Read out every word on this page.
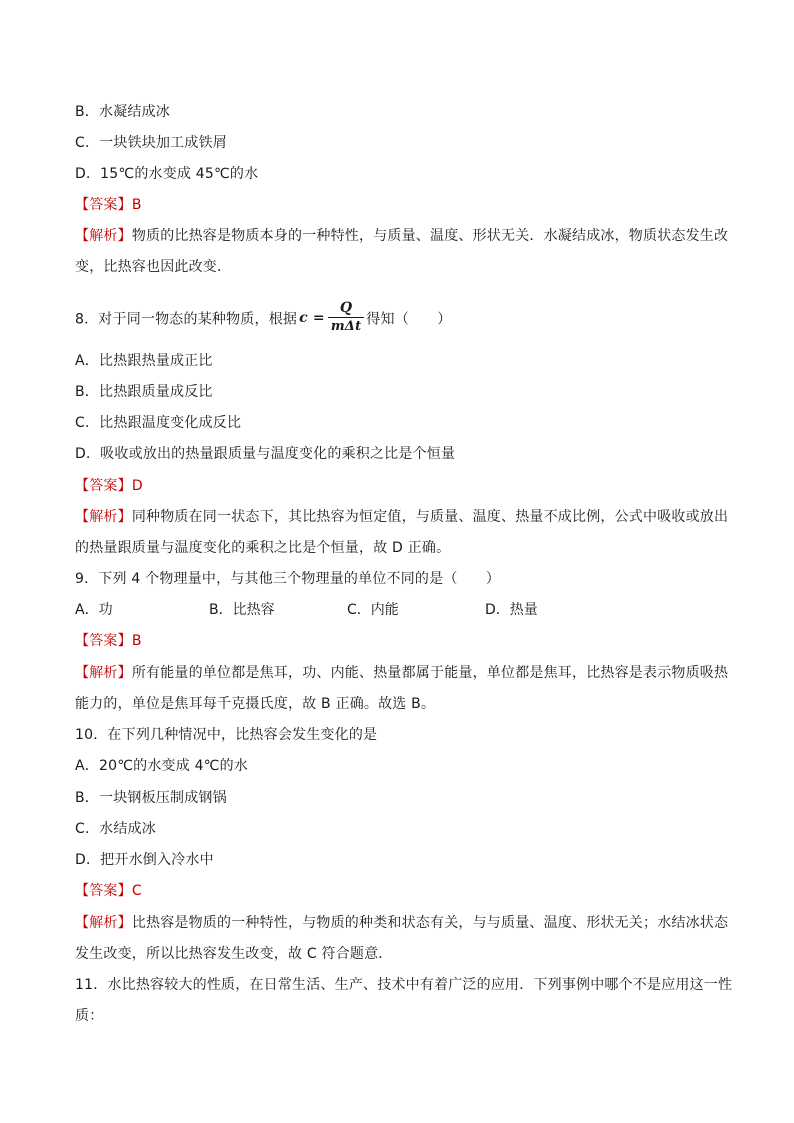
B．水凝结成冰
C．一块铁块加工成铁屑
D．15℃的水变成 45℃的水
【答案】B
【解析】物质的比热容是物质本身的一种特性，与质量、温度、形状无关．水凝结成冰，物质状态发生改
变，比热容也因此改变．
8．对于同一物态的某种物质，根据 $c = \frac{Q}{\text{mΔt}}$ 得知（　　）
A．比热跟热量成正比
B．比热跟质量成反比
C．比热跟温度变化成反比
D．吸收或放出的热量跟质量与温度变化的乘积之比是个恒量
【答案】D
【解析】同种物质在同一状态下，其比热容为恒定值，与质量、温度、热量不成比例，公式中吸收或放出
的热量跟质量与温度变化的乘积之比是个恒量，故 D 正确。
9．下列 4 个物理量中，与其他三个物理量的单位不同的是（　　）
A．功	B．比热容	C．内能	D．热量
【答案】B
【解析】所有能量的单位都是焦耳，功、内能、热量都属于能量，单位都是焦耳，比热容是表示物质吸热
能力的，单位是焦耳每千克摄氏度，故 B 正确。故选 B。
10．在下列几种情况中，比热容会发生变化的是
A．20℃的水变成 4℃的水
B．一块钢板压制成钢锅
C．水结成冰
D．把开水倒入冷水中
【答案】C
【解析】比热容是物质的一种特性，与物质的种类和状态有关，与与质量、温度、形状无关；水结冰状态
发生改变，所以比热容发生改变，故 C 符合题意．
11．水比热容较大的性质，在日常生活、生产、技术中有着广泛的应用．下列事例中哪个不是应用这一性
质：
